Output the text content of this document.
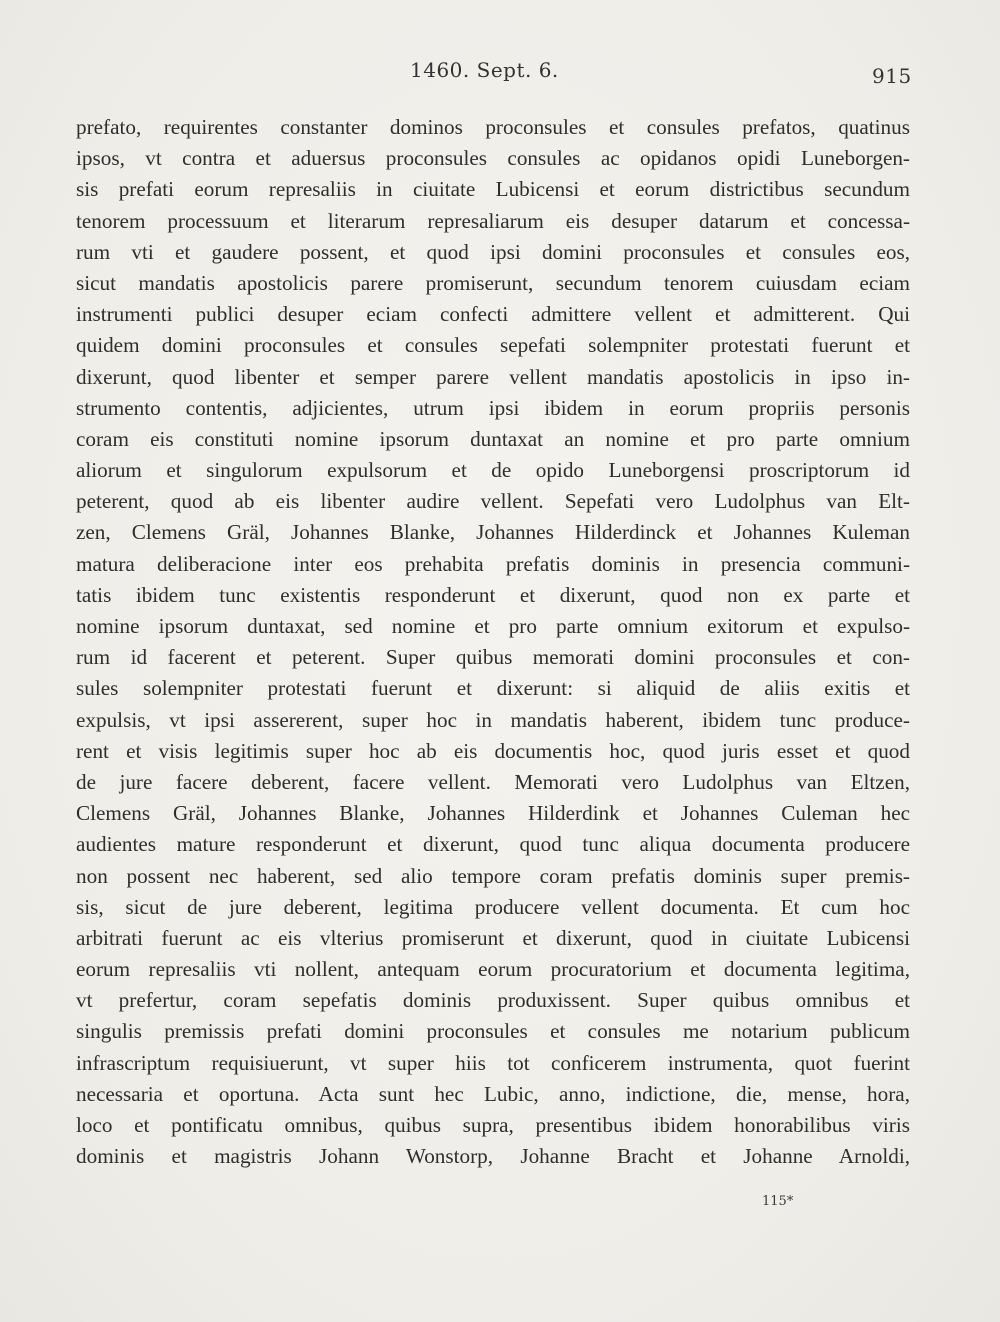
1460. Sept. 6.	915
prefato, requirentes constanter dominos proconsules et consules prefatos, quatinus
ipsos, vt contra et aduersus proconsules consules ac opidanos opidi Luneborgen-
sis prefati eorum represaliis in ciuitate Lubicensi et eorum districtibus secundum
tenorem processuum et literarum represaliarum eis desuper datarum et concessa-
rum vti et gaudere possent, et quod ipsi domini proconsules et consules eos,
sicut mandatis apostolicis parere promiserunt, secundum tenorem cuiusdam eciam
instrumenti publici desuper eciam confecti admittere vellent et admitterent. Qui
quidem domini proconsules et consules sepefati solempniter protestati fuerunt et
dixerunt, quod libenter et semper parere vellent mandatis apostolicis in ipso in-
strumento contentis, adjicientes, utrum ipsi ibidem in eorum propriis personis
coram eis constituti nomine ipsorum duntaxat an nomine et pro parte omnium
aliorum et singulorum expulsorum et de opido Luneborgensi proscriptorum id
peterent, quod ab eis libenter audire vellent. Sepefati vero Ludolphus van Elt-
zen, Clemens Gräl, Johannes Blanke, Johannes Hilderdinck et Johannes Kuleman
matura deliberacione inter eos prehabita prefatis dominis in presencia communi-
tatis ibidem tunc existentis responderunt et dixerunt, quod non ex parte et
nomine ipsorum duntaxat, sed nomine et pro parte omnium exitorum et expulso-
rum id facerent et peterent. Super quibus memorati domini proconsules et con-
sules solempniter protestati fuerunt et dixerunt: si aliquid de aliis exitis et
expulsis, vt ipsi assererent, super hoc in mandatis haberent, ibidem tunc produce-
rent et visis legitimis super hoc ab eis documentis hoc, quod juris esset et quod
de jure facere deberent, facere vellent. Memorati vero Ludolphus van Eltzen,
Clemens Gräl, Johannes Blanke, Johannes Hilderdink et Johannes Culeman hec
audientes mature responderunt et dixerunt, quod tunc aliqua documenta producere
non possent nec haberent, sed alio tempore coram prefatis dominis super premis-
sis, sicut de jure deberent, legitima producere vellent documenta. Et cum hoc
arbitrati fuerunt ac eis vlterius promiserunt et dixerunt, quod in ciuitate Lubicensi
eorum represaliis vti nollent, antequam eorum procuratorium et documenta legitima,
vt prefertur, coram sepefatis dominis produxissent. Super quibus omnibus et
singulis premissis prefati domini proconsules et consules me notarium publicum
infrascriptum requisiuerunt, vt super hiis tot conficerem instrumenta, quot fuerint
necessaria et oportuna. Acta sunt hec Lubic, anno, indictione, die, mense, hora,
loco et pontificatu omnibus, quibus supra, presentibus ibidem honorabilibus viris
dominis et magistris Johann Wonstorp, Johanne Bracht et Johanne Arnoldi,
115*
